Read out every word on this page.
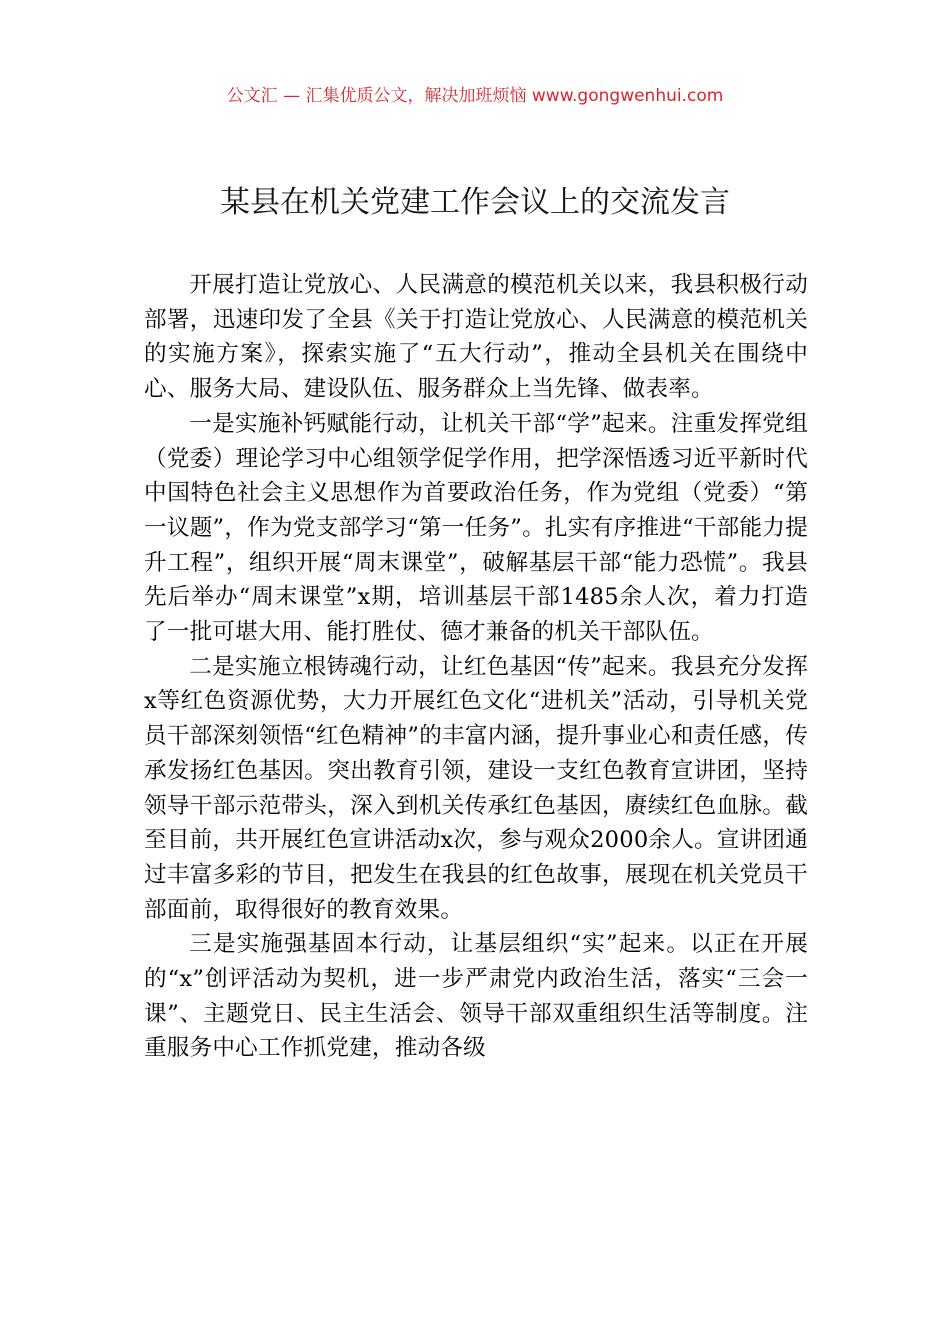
公文汇 — 汇集优质公文，解决加班烦恼 www.gongwenhui.com
某县在机关党建工作会议上的交流发言

开展打造让党放心、人民满意的模范机关以来，我县积极行动部署，迅速印发了全县《关于打造让党放心、人民满意的模范机关的实施方案》，探索实施了“五大行动”，推动全县机关在围绕中心、服务大局、建设队伍、服务群众上当先锋、做表率。

一是实施补钙赋能行动，让机关干部“学”起来。注重发挥党组（党委）理论学习中心组领学促学作用，把学深悟透习近平新时代中国特色社会主义思想作为首要政治任务，作为党组（党委）“第一议题”，作为党支部学习“第一任务”。扎实有序推进“干部能力提升工程”，组织开展“周末课堂”，破解基层干部“能力恐慌”。我县先后举办“周末课堂”x期，培训基层干部1485余人次，着力打造了一批可堪大用、能打胜仗、德才兼备的机关干部队伍。

二是实施立根铸魂行动，让红色基因“传”起来。我县充分发挥x等红色资源优势，大力开展红色文化“进机关”活动，引导机关党员干部深刻领悟“红色精神”的丰富内涵，提升事业心和责任感，传承发扬红色基因。突出教育引领，建设一支红色教育宣讲团，坚持领导干部示范带头，深入到机关传承红色基因，赓续红色血脉。截至目前，共开展红色宣讲活动x次，参与观众2000余人。宣讲团通过丰富多彩的节目，把发生在我县的红色故事，展现在机关党员干部面前，取得很好的教育效果。

三是实施强基固本行动，让基层组织“实”起来。以正在开展的“x”创评活动为契机，进一步严肃党内政治生活，落实“三会一课”、主题党日、民主生活会、领导干部双重组织生活等制度。注重服务中心工作抓党建，推动各级
